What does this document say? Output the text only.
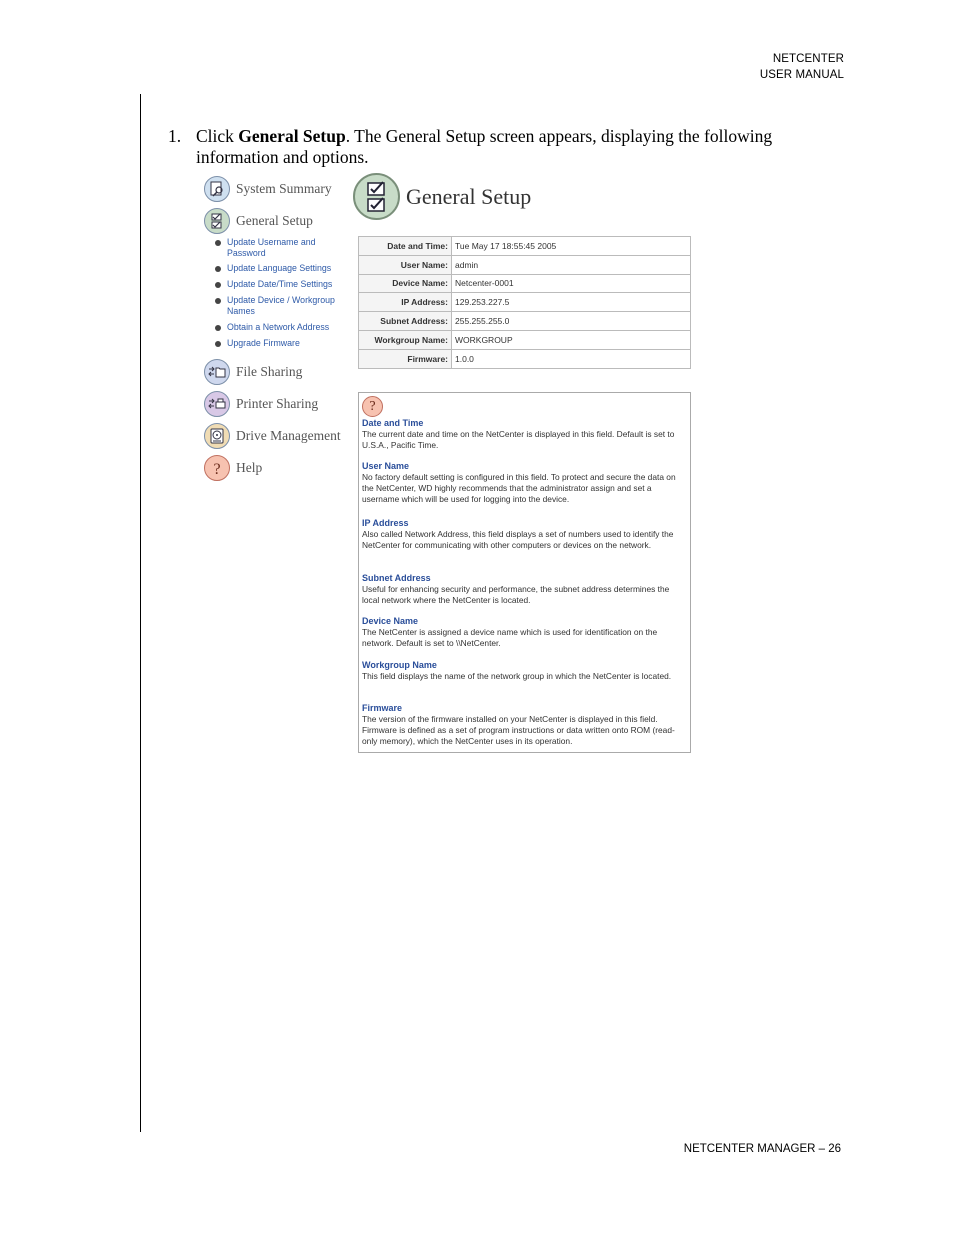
NETCENTER
USER MANUAL
1. Click General Setup. The General Setup screen appears, displaying the following information and options.
System Summary
General Setup
Update Username and Password
Update Language Settings
Update Date/Time Settings
Update Device / Workgroup Names
Obtain a Network Address
Upgrade Firmware
File Sharing
Printer Sharing
Drive Management
? Help
General Setup
Date and Time:	Tue May 17 18:55:45 2005
User Name:	admin
Device Name:	Netcenter-0001
IP Address:	129.253.227.5
Subnet Address:	255.255.255.0
Workgroup Name:	WORKGROUP
Firmware:	1.0.0
?
Date and Time
The current date and time on the NetCenter is displayed in this field. Default is set to U.S.A., Pacific Time.
User Name
No factory default setting is configured in this field. To protect and secure the data on the NetCenter, WD highly recommends that the administrator assign and set a username which will be used for logging into the device.
IP Address
Also called Network Address, this field displays a set of numbers used to identify the NetCenter for communicating with other computers or devices on the network.
Subnet Address
Useful for enhancing security and performance, the subnet address determines the local network where the NetCenter is located.
Device Name
The NetCenter is assigned a device name which is used for identification on the network. Default is set to \\NetCenter.
Workgroup Name
This field displays the name of the network group in which the NetCenter is located.
Firmware
The version of the firmware installed on your NetCenter is displayed in this field. Firmware is defined as a set of program instructions or data written onto ROM (read-only memory), which the NetCenter uses in its operation.
NETCENTER MANAGER – 26
